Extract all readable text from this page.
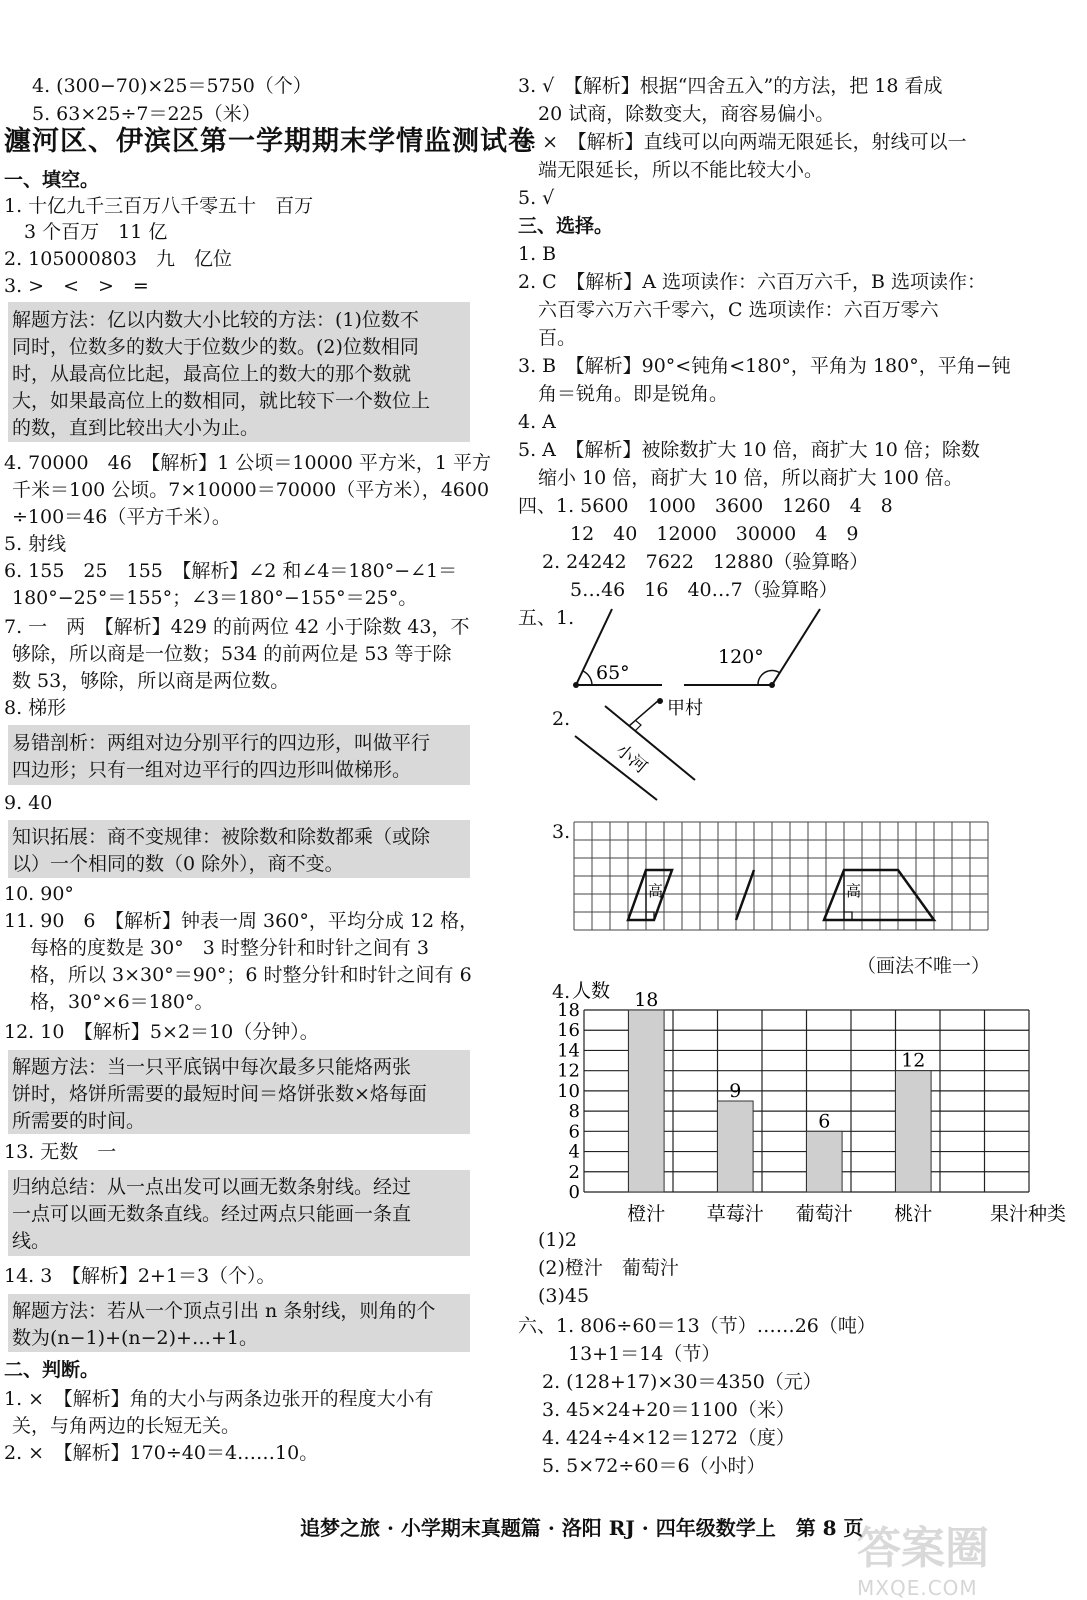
4. (300−70)×25＝5750（个）
5. 63×25÷7＝225（米）
瀍河区、伊滨区第一学期期末学情监测试卷
一、填空。
1. 十亿九千三百万八千零五十　百万
3 个百万　11 亿
2. 105000803　九　亿位
3. >　<　>　=
解题方法：亿以内数大小比较的方法：(1)位数不
同时，位数多的数大于位数少的数。(2)位数相同
时，从最高位比起，最高位上的数大的那个数就
大，如果最高位上的数相同，就比较下一个数位上
的数，直到比较出大小为止。
4. 70000　46　【解析】1 公顷＝10000 平方米，1 平方
千米＝100 公顷。7×10000＝70000（平方米），4600
÷100＝46（平方千米）。
5. 射线
6. 155　25　155　【解析】∠2 和∠4＝180°−∠1＝
180°−25°＝155°；∠3＝180°−155°＝25°。
7. 一　两　【解析】429 的前两位 42 小于除数 43，不
够除，所以商是一位数；534 的前两位是 53 等于除
数 53，够除，所以商是两位数。
8. 梯形
易错剖析：两组对边分别平行的四边形，叫做平行
四边形；只有一组对边平行的四边形叫做梯形。
9. 40
知识拓展：商不变规律：被除数和除数都乘（或除
以）一个相同的数（0 除外），商不变。
10. 90°
11. 90　6　【解析】钟表一周 360°，平均分成 12 格，
每格的度数是 30°　3 时整分针和时针之间有 3
格，所以 3×30°＝90°；6 时整分针和时针之间有 6
格，30°×6＝180°。
12. 10　【解析】5×2＝10（分钟）。
解题方法：当一只平底锅中每次最多只能烙两张
饼时，烙饼所需要的最短时间＝烙饼张数×烙每面
所需要的时间。
13. 无数　一
归纳总结：从一点出发可以画无数条射线。经过
一点可以画无数条直线。经过两点只能画一条直
线。
14. 3　【解析】2+1＝3（个）。
解题方法：若从一个顶点引出 n 条射线，则角的个
数为(n−1)+(n−2)+…+1。
二、判断。
1. ×　【解析】角的大小与两条边张开的程度大小有
关，与角两边的长短无关。
2. ×　【解析】170÷40＝4……10。
3. √　【解析】根据“四舍五入”的方法，把 18 看成
20 试商，除数变大，商容易偏小。
4. ×　【解析】直线可以向两端无限延长，射线可以一
端无限延长，所以不能比较大小。
5. √
三、选择。
1. B
2. C　【解析】A 选项读作：六百万六千，B 选项读作：
六百零六万六千零六，C 选项读作：六百万零六
百。
3. B　【解析】90°<钝角<180°，平角为 180°，平角−钝
角＝锐角。即是锐角。
4. A
5. A　【解析】被除数扩大 10 倍，商扩大 10 倍；除数
缩小 10 倍，商扩大 10 倍，所以商扩大 100 倍。
四、1. 5600　1000　3600　1260　4　8
12　40　12000　30000　4　9
2. 24242　7622　12880（验算略）
5…46　16　40…7（验算略）
五、1.
65°
120°
2.	甲村
小河
3.
高	高
（画法不唯一）
4. 人数
0
2
4
6
8
10
12
14
16
18	18
橙汁
9
草莓汁
6
葡萄汁
12
桃汁	果汁种类
(1)2
(2)橙汁　葡萄汁
(3)45
六、1. 806÷60＝13（节）……26（吨）
13+1＝14（节）
2. (128+17)×30＝4350（元）
3. 45×24+20＝1100（米）
4. 424÷4×12＝1272（度）
5. 5×72÷60＝6（小时）
追梦之旅 · 小学期末真题篇 · 洛阳 RJ · 四年级数学上　第 8 页
答案圈
MXQE.COM
